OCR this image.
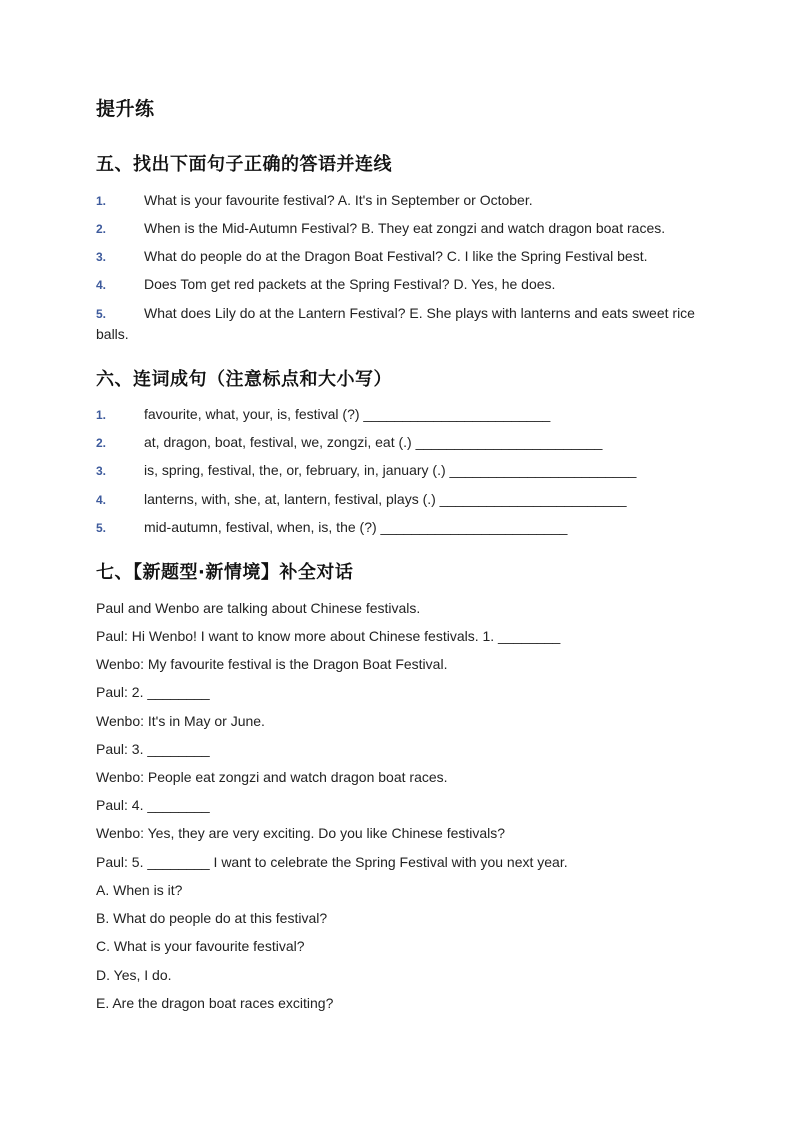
提升练
五、找出下面句子正确的答语并连线
1.	What is your favourite festival? A. It's in September or October.
2.	When is the Mid-Autumn Festival? B. They eat zongzi and watch dragon boat races.
3.	What do people do at the Dragon Boat Festival? C. I like the Spring Festival best.
4.	Does Tom get red packets at the Spring Festival? D. Yes, he does.
5.	What does Lily do at the Lantern Festival? E. She plays with lanterns and eats sweet rice balls.
六、连词成句（注意标点和大小写）
1.	favourite, what, your, is, festival (?) ________________________
2.	at, dragon, boat, festival, we, zongzi, eat (.) ________________________
3.	is, spring, festival, the, or, february, in, january (.) ________________________
4.	lanterns, with, she, at, lantern, festival, plays (.) ________________________
5.	mid-autumn, festival, when, is, the (?) ________________________
七、【新题型·新情境】补全对话
Paul and Wenbo are talking about Chinese festivals.
Paul: Hi Wenbo! I want to know more about Chinese festivals. 1. ________
Wenbo: My favourite festival is the Dragon Boat Festival.
Paul: 2. ________
Wenbo: It's in May or June.
Paul: 3. ________
Wenbo: People eat zongzi and watch dragon boat races.
Paul: 4. ________
Wenbo: Yes, they are very exciting. Do you like Chinese festivals?
Paul: 5. ________ I want to celebrate the Spring Festival with you next year.
A. When is it?
B. What do people do at this festival?
C. What is your favourite festival?
D. Yes, I do.
E. Are the dragon boat races exciting?
